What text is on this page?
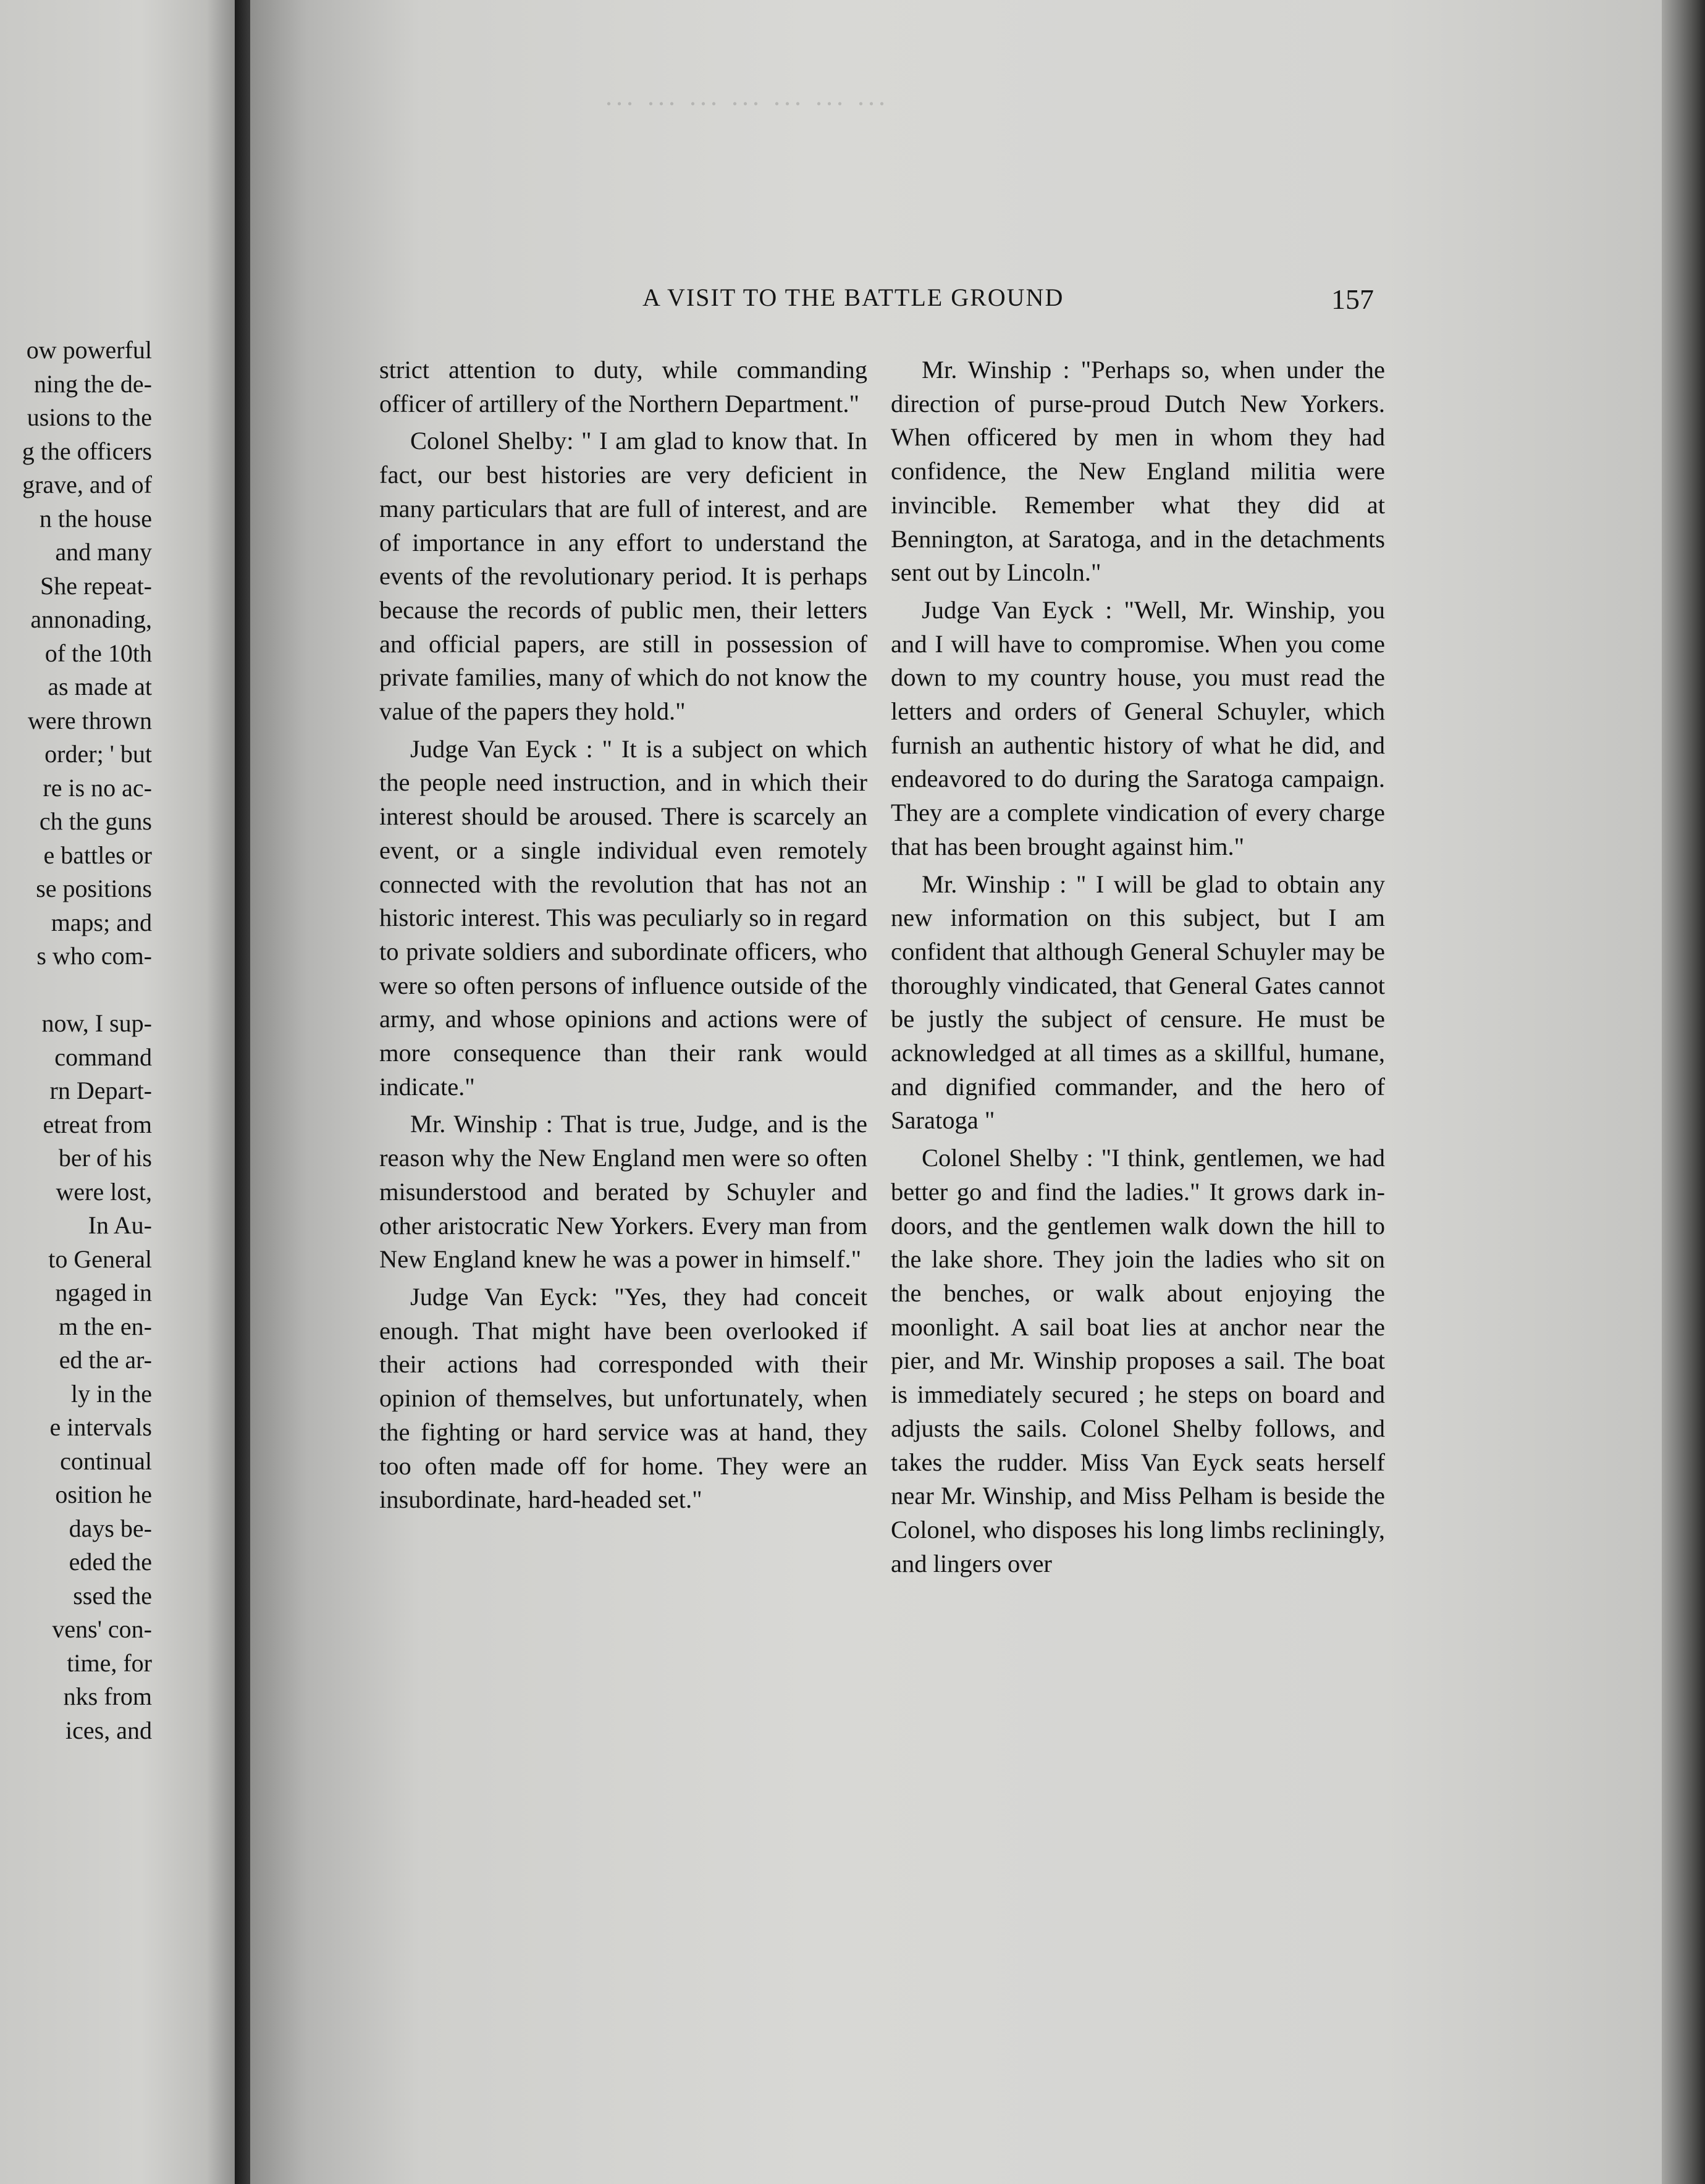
ow powerful
ning the de-
usions to the
g the officers
grave, and of
n the house
and many
She repeat-
annonading,
of the 10th
as made at
were thrown
order; ' but
re is no ac-
ch the guns
e battles or
se positions
maps; and
s who com-
now, I sup-
command
rn Depart-
etreat from
ber of his
were lost,
In Au-
to General
ngaged in
m the en-
ed the ar-
ly in the
e intervals
continual
osition he
days be-
eded the
ssed the
vens' con-
time, for
nks from
ices, and
... ... ... ... ... ... ...
A VISIT TO THE BATTLE GROUND	157

strict attention to duty, while commanding officer of artillery of the Northern Department."

Colonel Shelby: " I am glad to know that. In fact, our best histories are very deficient in many particulars that are full of interest, and are of importance in any effort to understand the events of the revolutionary period. It is perhaps because the records of public men, their letters and official papers, are still in possession of private families, many of which do not know the value of the papers they hold."

Judge Van Eyck : " It is a subject on which the people need instruction, and in which their interest should be aroused. There is scarcely an event, or a single individual even remotely connected with the revolution that has not an historic interest. This was peculiarly so in regard to private soldiers and subordinate officers, who were so often persons of influence outside of the army, and whose opinions and actions were of more consequence than their rank would indicate."

Mr. Winship : That is true, Judge, and is the reason why the New England men were so often misunderstood and berated by Schuyler and other aristocratic New Yorkers. Every man from New England knew he was a power in himself."

Judge Van Eyck: "Yes, they had conceit enough. That might have been overlooked if their actions had corresponded with their opinion of themselves, but unfortunately, when the fighting or hard service was at hand, they too often made off for home. They were an insubordinate, hard-headed set."

Mr. Winship : "Perhaps so, when under the direction of purse-proud Dutch New Yorkers. When officered by men in whom they had confidence, the New England militia were invincible. Remember what they did at Bennington, at Saratoga, and in the detachments sent out by Lincoln."

Judge Van Eyck : "Well, Mr. Winship, you and I will have to compromise. When you come down to my country house, you must read the letters and orders of General Schuyler, which furnish an authentic history of what he did, and endeavored to do during the Saratoga campaign. They are a complete vindication of every charge that has been brought against him."

Mr. Winship : " I will be glad to obtain any new information on this subject, but I am confident that although General Schuyler may be thoroughly vindicated, that General Gates cannot be justly the subject of censure. He must be acknowledged at all times as a skillful, humane, and dignified commander, and the hero of Saratoga "

Colonel Shelby : "I think, gentlemen, we had better go and find the ladies." It grows dark in-doors, and the gentlemen walk down the hill to the lake shore. They join the ladies who sit on the benches, or walk about enjoying the moonlight. A sail boat lies at anchor near the pier, and Mr. Winship proposes a sail. The boat is immediately secured ; he steps on board and adjusts the sails. Colonel Shelby follows, and takes the rudder. Miss Van Eyck seats herself near Mr. Winship, and Miss Pelham is beside the Colonel, who disposes his long limbs recliningly, and lingers over
